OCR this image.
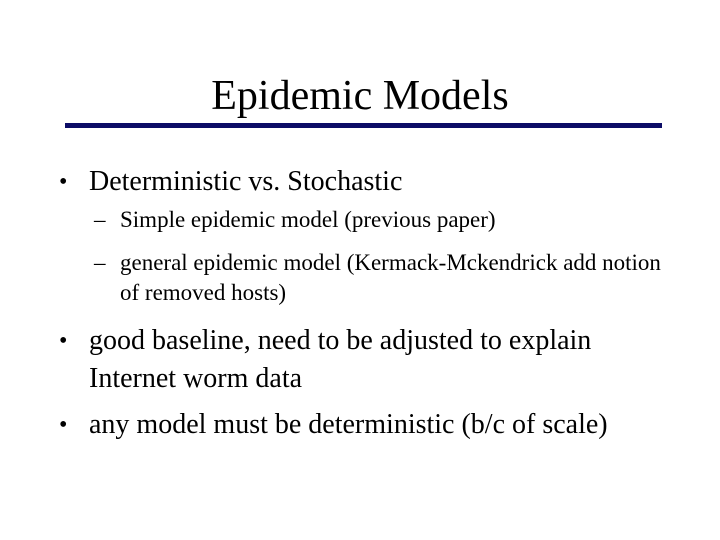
Epidemic Models
• Deterministic vs. Stochastic
– Simple epidemic model (previous paper)
– general epidemic model (Kermack-Mckendrick add notion of removed hosts)
• good baseline, need to be adjusted to explain Internet worm data
• any model must be deterministic (b/c of scale)
